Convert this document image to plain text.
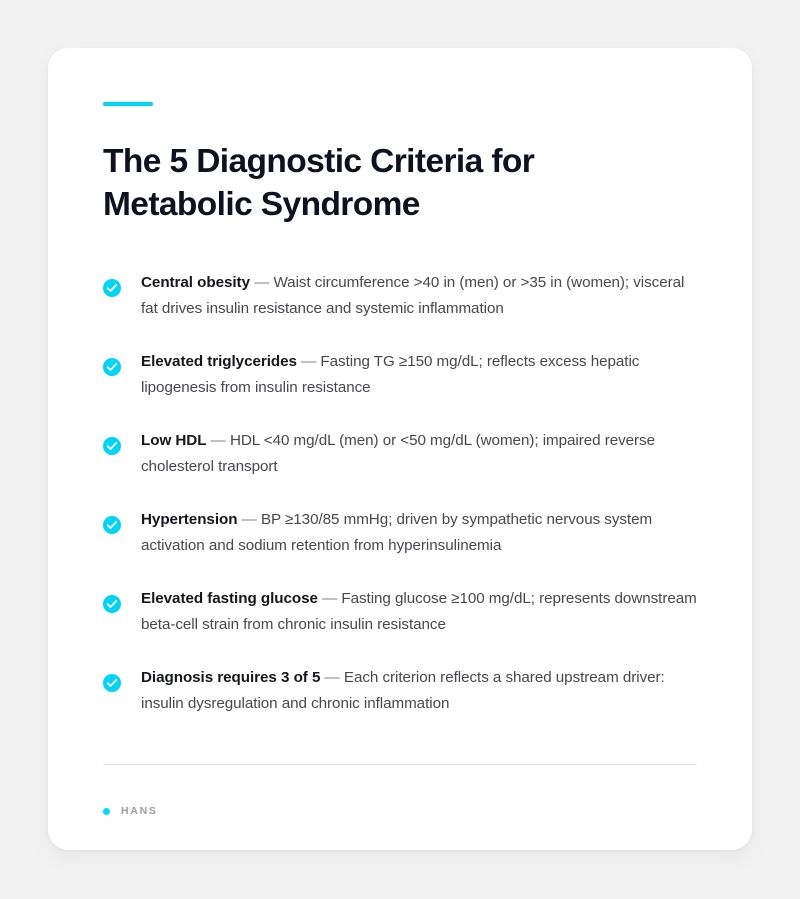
The 5 Diagnostic Criteria for Metabolic Syndrome
Central obesity — Waist circumference >40 in (men) or >35 in (women); visceral fat drives insulin resistance and systemic inflammation
Elevated triglycerides — Fasting TG ≥150 mg/dL; reflects excess hepatic lipogenesis from insulin resistance
Low HDL — HDL <40 mg/dL (men) or <50 mg/dL (women); impaired reverse cholesterol transport
Hypertension — BP ≥130/85 mmHg; driven by sympathetic nervous system activation and sodium retention from hyperinsulinemia
Elevated fasting glucose — Fasting glucose ≥100 mg/dL; represents downstream beta-cell strain from chronic insulin resistance
Diagnosis requires 3 of 5 — Each criterion reflects a shared upstream driver: insulin dysregulation and chronic inflammation
HANS
